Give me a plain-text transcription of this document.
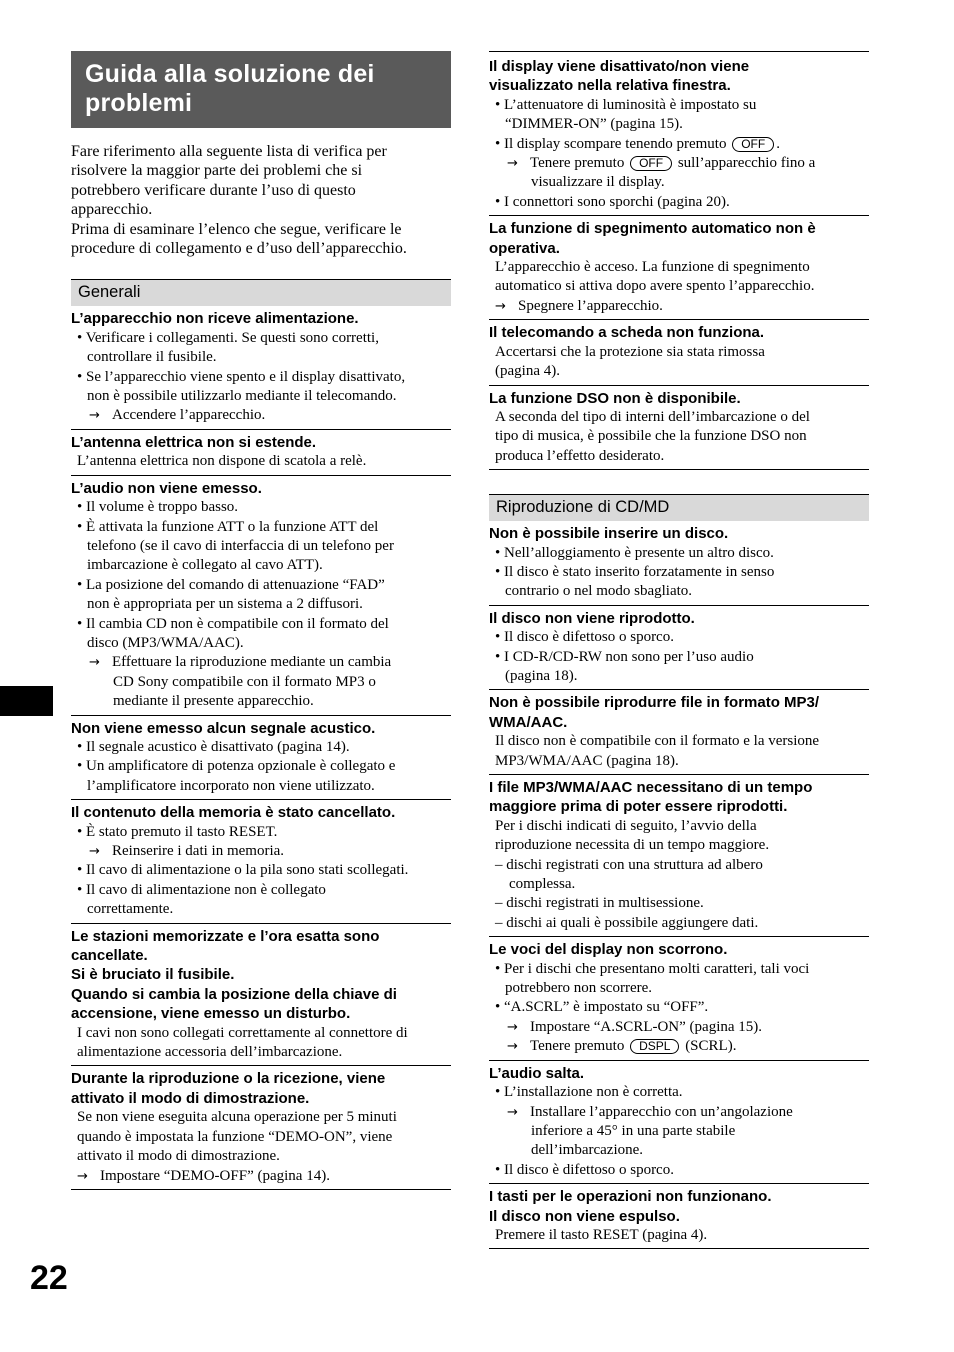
Guida alla soluzione dei
problemi
Fare riferimento alla seguente lista di verifica per
risolvere la maggior parte dei problemi che si
potrebbero verificare durante l’uso di questo
apparecchio.
Prima di esaminare l’elenco che segue, verificare le
procedure di collegamento e d’uso dell’apparecchio.
Generali
L’apparecchio non riceve alimentazione.
• Verificare i collegamenti. Se questi sono corretti,
controllare il fusibile.
• Se l’apparecchio viene spento e il display disattivato,
non è possibile utilizzarlo mediante il telecomando.
→ Accendere l’apparecchio.
L’antenna elettrica non si estende.
L’antenna elettrica non dispone di scatola a relè.
L’audio non viene emesso.
• Il volume è troppo basso.
• È attivata la funzione ATT o la funzione ATT del
telefono (se il cavo di interfaccia di un telefono per
imbarcazione è collegato al cavo ATT).
• La posizione del comando di attenuazione “FAD”
non è appropriata per un sistema a 2 diffusori.
• Il cambia CD non è compatibile con il formato del
disco (MP3/WMA/AAC).
→ Effettuare la riproduzione mediante un cambia
CD Sony compatibile con il formato MP3 o
mediante il presente apparecchio.
Non viene emesso alcun segnale acustico.
• Il segnale acustico è disattivato (pagina 14).
• Un amplificatore di potenza opzionale è collegato e
l’amplificatore incorporato non viene utilizzato.
Il contenuto della memoria è stato cancellato.
• È stato premuto il tasto RESET.
→ Reinserire i dati in memoria.
• Il cavo di alimentazione o la pila sono stati scollegati.
• Il cavo di alimentazione non è collegato
correttamente.
Le stazioni memorizzate e l’ora esatta sono
cancellate.
Si è bruciato il fusibile.
Quando si cambia la posizione della chiave di
accensione, viene emesso un disturbo.
I cavi non sono collegati correttamente al connettore di
alimentazione accessoria dell’imbarcazione.
Durante la riproduzione o la ricezione, viene
attivato il modo di dimostrazione.
Se non viene eseguita alcuna operazione per 5 minuti
quando è impostata la funzione “DEMO-ON”, viene
attivato il modo di dimostrazione.
→ Impostare “DEMO-OFF” (pagina 14).
Il display viene disattivato/non viene
visualizzato nella relativa finestra.
• L’attenuatore di luminosità è impostato su
“DIMMER-ON” (pagina 15).
• Il display scompare tenendo premuto OFF .
→ Tenere premuto OFF sull’apparecchio fino a
visualizzare il display.
• I connettori sono sporchi (pagina 20).
La funzione di spegnimento automatico non è
operativa.
L’apparecchio è acceso. La funzione di spegnimento
automatico si attiva dopo avere spento l’apparecchio.
→ Spegnere l’apparecchio.
Il telecomando a scheda non funziona.
Accertarsi che la protezione sia stata rimossa
(pagina 4).
La funzione DSO non è disponibile.
A seconda del tipo di interni dell’imbarcazione o del
tipo di musica, è possibile che la funzione DSO non
produca l’effetto desiderato.
Riproduzione di CD/MD
Non è possibile inserire un disco.
• Nell’alloggiamento è presente un altro disco.
• Il disco è stato inserito forzatamente in senso
contrario o nel modo sbagliato.
Il disco non viene riprodotto.
• Il disco è difettoso o sporco.
• I CD-R/CD-RW non sono per l’uso audio
(pagina 18).
Non è possibile riprodurre file in formato MP3/
WMA/AAC.
Il disco non è compatibile con il formato e la versione
MP3/WMA/AAC (pagina 18).
I file MP3/WMA/AAC necessitano di un tempo
maggiore prima di poter essere riprodotti.
Per i dischi indicati di seguito, l’avvio della
riproduzione necessita di un tempo maggiore.
– dischi registrati con una struttura ad albero
complessa.
– dischi registrati in multisessione.
– dischi ai quali è possibile aggiungere dati.
Le voci del display non scorrono.
• Per i dischi che presentano molti caratteri, tali voci
potrebbero non scorrere.
• “A.SCRL” è impostato su “OFF”.
→ Impostare “A.SCRL-ON” (pagina 15).
→ Tenere premuto DSPL (SCRL).
L’audio salta.
• L’installazione non è corretta.
→ Installare l’apparecchio con un’angolazione
inferiore a 45° in una parte stabile
dell’imbarcazione.
• Il disco è difettoso o sporco.
I tasti per le operazioni non funzionano.
Il disco non viene espulso.
Premere il tasto RESET (pagina 4).
22
